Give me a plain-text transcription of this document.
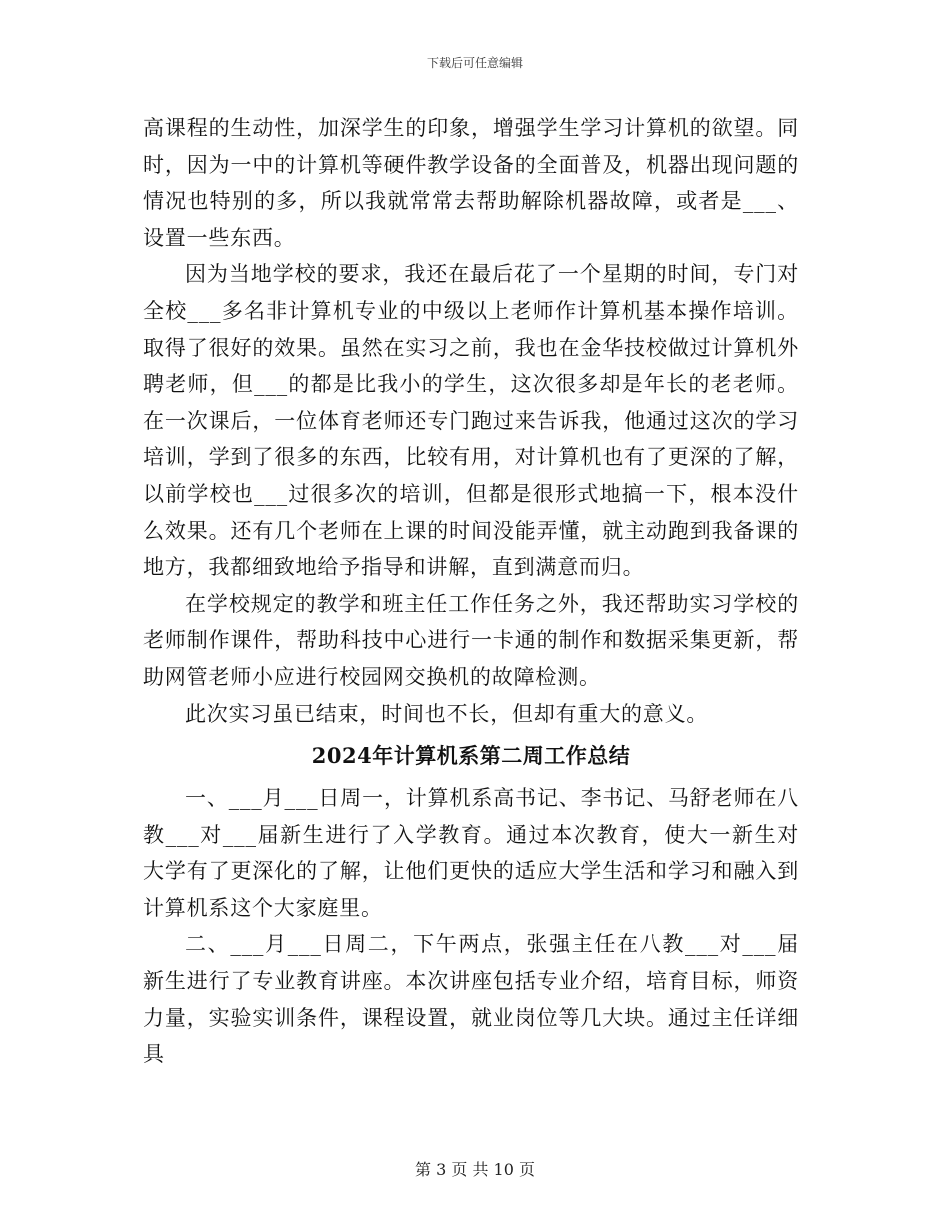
下载后可任意编辑

高课程的生动性，加深学生的印象，增强学生学习计算机的欲望。同时，因为一中的计算机等硬件教学设备的全面普及，机器出现问题的情况也特别的多，所以我就常常去帮助解除机器故障，或者是___、设置一些东西。

因为当地学校的要求，我还在最后花了一个星期的时间，专门对全校___多名非计算机专业的中级以上老师作计算机基本操作培训。取得了很好的效果。虽然在实习之前，我也在金华技校做过计算机外聘老师，但___的都是比我小的学生，这次很多却是年长的老老师。在一次课后，一位体育老师还专门跑过来告诉我，他通过这次的学习培训，学到了很多的东西，比较有用，对计算机也有了更深的了解，以前学校也___过很多次的培训，但都是很形式地搞一下，根本没什么效果。还有几个老师在上课的时间没能弄懂，就主动跑到我备课的地方，我都细致地给予指导和讲解，直到满意而归。

在学校规定的教学和班主任工作任务之外，我还帮助实习学校的老师制作课件，帮助科技中心进行一卡通的制作和数据采集更新，帮助网管老师小应进行校园网交换机的故障检测。

此次实习虽已结束，时间也不长，但却有重大的意义。

2024年计算机系第二周工作总结

一、___月___日周一，计算机系高书记、李书记、马舒老师在八教___对___届新生进行了入学教育。通过本次教育，使大一新生对大学有了更深化的了解，让他们更快的适应大学生活和学习和融入到计算机系这个大家庭里。

二、___月___日周二，下午两点，张强主任在八教___对___届新生进行了专业教育讲座。本次讲座包括专业介绍，培育目标，师资力量，实验实训条件，课程设置，就业岗位等几大块。通过主任详细具

第 3 页 共 10 页
